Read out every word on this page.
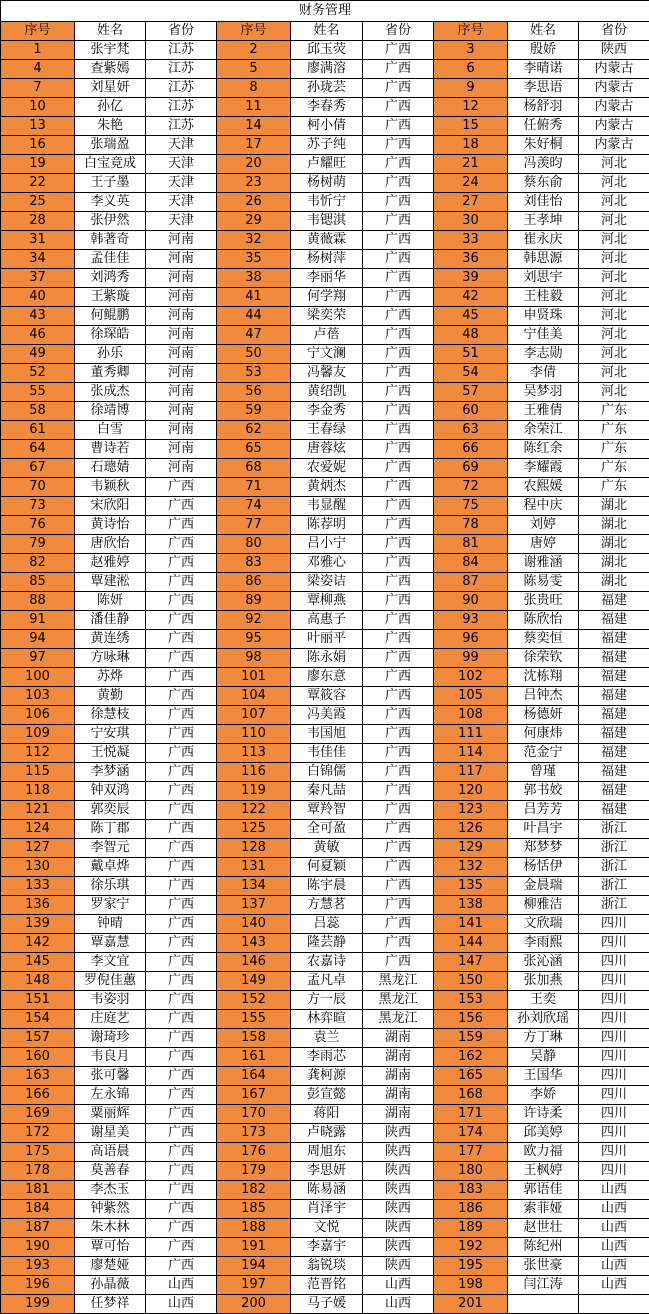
财务管理								
序号	姓名	省份	序号	姓名	省份	序号	姓名	省份
1	张宇梵	江苏	2	邱玉荧	广西	3	殷娇	陕西
4	查紫嫣	江苏	5	廖满溶	广西	6	李晴诺	内蒙古
7	刘星妍	江苏	8	孙珑芸	广西	9	李思语	内蒙古
10	孙亿	江苏	11	李春秀	广西	12	杨舒羽	内蒙古
13	朱艳	江苏	14	柯小倩	广西	15	任俯秀	内蒙古
16	张瑞盈	天津	17	苏子纯	广西	18	朱好桐	内蒙古
19	白宝竟成	天津	20	卢耀旺	广西	21	冯羡昀	河北
22	王子墨	天津	23	杨树萌	广西	24	蔡东俞	河北
25	李义英	天津	26	韦忻宁	广西	27	刘佳怡	河北
28	张伊然	天津	29	韦锶淇	广西	30	王孝坤	河北
31	韩著奇	河南	32	黄薇霖	广西	33	崔永庆	河北
34	孟佳佳	河南	35	杨树萍	广西	36	韩思源	河北
37	刘鸿秀	河南	38	李丽华	广西	39	刘思宇	河北
40	王紫璇	河南	41	何学翔	广西	42	王桂毅	河北
43	何鲲鹏	河南	44	梁奕荣	广西	45	申贤珠	河北
46	徐琛皓	河南	47	卢蓓	广西	48	宁佳美	河北
49	孙乐	河南	50	宁文澜	广西	51	李志勋	河北
52	董秀卿	河南	53	冯馨友	广西	54	李倩	河北
55	张成杰	河南	56	黄绍凯	广西	57	吴梦羽	河北
58	徐靖博	河南	59	李金秀	广西	60	王雅倩	广东
61	白雪	河南	62	王春绿	广西	63	余荣江	广东
64	曹诗若	河南	65	唐蓉炫	广西	66	陈红余	广东
67	石璁婧	河南	68	农爱妮	广西	69	李耀霞	广东
70	韦颖秋	广西	71	黄炳杰	广西	72	农熙媛	广东
73	宋欣阳	广西	74	韦显醒	广西	75	程中庆	湖北
76	黄诗怡	广西	77	陈荐明	广西	78	刘婷	湖北
79	唐欣怡	广西	80	吕小宁	广西	81	唐婷	湖北
82	赵雅婷	广西	83	邓雅心	广西	84	谢雅涵	湖北
85	覃建淞	广西	86	梁姿诘	广西	87	陈易雯	湖北
88	陈妍	广西	89	覃柳燕	广西	90	张贵旺	福建
91	潘佳静	广西	92	高惠子	广西	93	陈欣怡	福建
94	黄连绣	广西	95	叶丽平	广西	96	蔡奕恒	福建
97	方咏琳	广西	98	陈永娟	广西	99	徐荣钦	福建
100	苏烨	广西	101	廖东意	广西	102	沈栋翔	福建
103	黄勤	广西	104	覃筱容	广西	105	吕钟杰	福建
106	徐慧枝	广西	107	冯美霞	广西	108	杨德妍	福建
109	宁安琪	广西	110	韦国旭	广西	111	何康炜	福建
112	王悦凝	广西	113	韦佳佳	广西	114	范金宁	福建
115	李梦涵	广西	116	白锦儒	广西	117	曾瑾	福建
118	钟双鸿	广西	119	秦凡喆	广西	120	郭书姣	福建
121	郭奕辰	广西	122	覃羚智	广西	123	吕芳芳	福建
124	陈丁郡	广西	125	全可盈	广西	126	叶昌宇	浙江
127	李智元	广西	128	黄敏	广西	129	郑梦梦	浙江
130	戴卓烨	广西	131	何夏颖	广西	132	杨恬伊	浙江
133	徐乐琪	广西	134	陈宇晨	广西	135	金晨瑞	浙江
136	罗家宁	广西	137	方慧茗	广西	138	柳雅洁	浙江
139	钟晴	广西	140	吕蕊	广西	141	文欣瑞	四川
142	覃嘉慧	广西	143	隆芸静	广西	144	李雨熙	四川
145	李文宜	广西	146	农嘉诗	广西	147	张沁涵	四川
148	罗倪佳蕙	广西	149	孟凡卓	黑龙江	150	张加燕	四川
151	韦姿羽	广西	152	方一辰	黑龙江	153	王奕	四川
154	庄庭艺	广西	155	林弈暄	黑龙江	156	孙刘欣瑶	四川
157	谢琦珍	广西	158	袁兰	湖南	159	方丁琳	四川
160	韦良月	广西	161	李雨芯	湖南	162	吴静	四川
163	张可馨	广西	164	龚柯源	湖南	165	王国华	四川
166	左永锦	广西	167	彭宣懿	湖南	168	李娇	四川
169	粟丽辉	广西	170	蒋阳	湖南	171	许诗柔	四川
172	谢星美	广西	173	卢晓露	陕西	174	邱美婷	四川
175	高语晨	广西	176	周旭东	陕西	177	欧力福	四川
178	莫善春	广西	179	李思妍	陕西	180	王枫婷	四川
181	李杰玉	广西	182	陈易涵	陕西	183	郭语佳	山西
184	钟紫然	广西	185	肖泽宇	陕西	186	索菲娅	山西
187	朱木林	广西	188	文悦	陕西	189	赵世壮	山西
190	覃可怡	广西	191	李嘉宇	陕西	192	陈纪州	山西
193	廖楚娅	广西	194	翁锐琰	陕西	195	张世豪	山西
196	孙晶薇	山西	197	范晋铭	山西	198	闫江涛	山西
199	任梦祥	山西	200	马子媛	山西	201		
